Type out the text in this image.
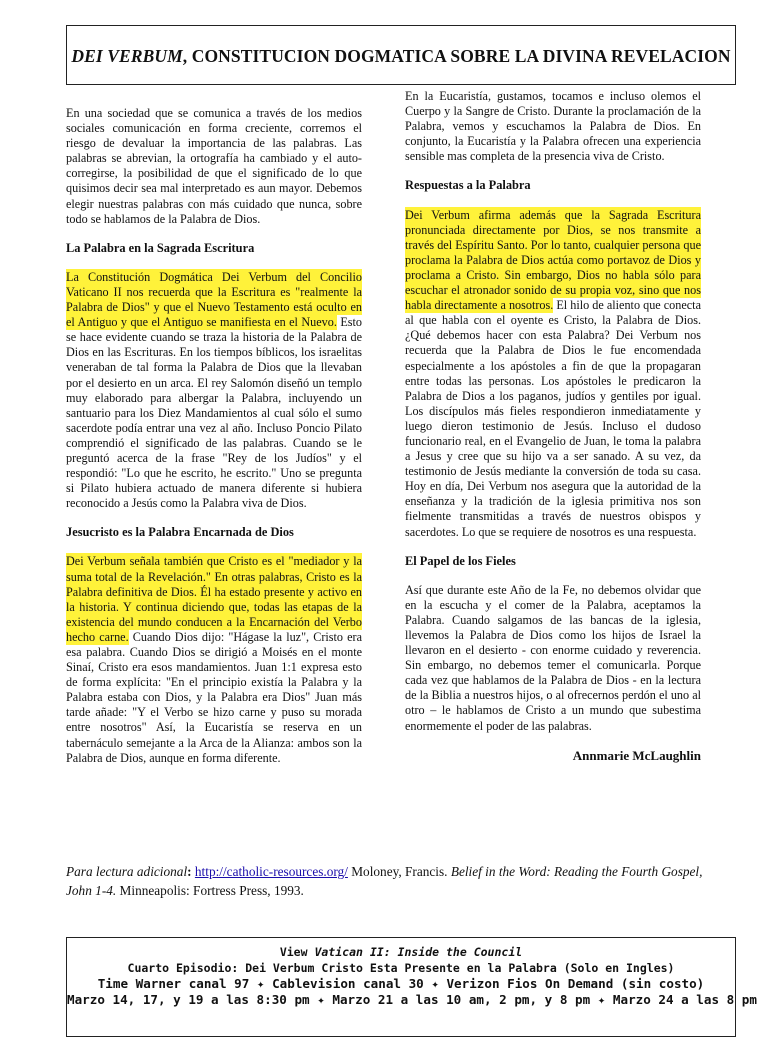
DEI VERBUM, CONSTITUCION DOGMATICA SOBRE LA DIVINA REVELACION

En una sociedad que se comunica a través de los medios sociales comunicación en forma creciente, corremos el riesgo de devaluar la importancia de las palabras. Las palabras se abrevian, la ortografía ha cambiado y el auto-corregirse, la posibilidad de que el significado de lo que quisimos decir sea mal interpretado es aun mayor. Debemos elegir nuestras palabras con más cuidado que nunca, sobre todo se hablamos de la Palabra de Dios.

La Palabra en la Sagrada Escritura

La Constitución Dogmática Dei Verbum del Concilio Vaticano II nos recuerda que la Escritura es "realmente la Palabra de Dios" y que el Nuevo Testamento está oculto en el Antiguo y que el Antiguo se manifiesta en el Nuevo. Esto se hace evidente cuando se traza la historia de la Palabra de Dios en las Escrituras. En los tiempos bíblicos, los israelitas veneraban de tal forma la Palabra de Dios que la llevaban por el desierto en un arca. El rey Salomón diseñó un templo muy elaborado para albergar la Palabra, incluyendo un santuario para los Diez Mandamientos al cual sólo el sumo sacerdote podía entrar una vez al año. Incluso Poncio Pilato comprendió el significado de las palabras. Cuando se le preguntó acerca de la frase "Rey de los Judíos" y el respondió: "Lo que he escrito, he escrito." Uno se pregunta si Pilato hubiera actuado de manera diferente si hubiera reconocido a Jesús como la Palabra viva de Dios.

Jesucristo es la Palabra Encarnada de Dios

Dei Verbum señala también que Cristo es el "mediador y la suma total de la Revelación." En otras palabras, Cristo es la Palabra definitiva de Dios. Él ha estado presente y activo en la historia. Y continua diciendo que, todas las etapas de la existencia del mundo conducen a la Encarnación del Verbo hecho carne. Cuando Dios dijo: "Hágase la luz", Cristo era esa palabra. Cuando Dios se dirigió a Moisés en el monte Sinaí, Cristo era esos mandamientos. Juan 1:1 expresa esto de forma explícita: "En el principio existía la Palabra y la Palabra estaba con Dios, y la Palabra era Dios" Juan más tarde añade: "Y el Verbo se hizo carne y puso su morada entre nosotros" Así, la Eucaristía se reserva en un tabernáculo semejante a la Arca de la Alianza: ambos son la Palabra de Dios, aunque en forma diferente.

En la Eucaristía, gustamos, tocamos e incluso olemos el Cuerpo y la Sangre de Cristo. Durante la proclamación de la Palabra, vemos y escuchamos la Palabra de Dios. En conjunto, la Eucaristía y la Palabra ofrecen una experiencia sensible mas completa de la presencia viva de Cristo.

Respuestas a la Palabra

Dei Verbum afirma además que la Sagrada Escritura pronunciada directamente por Dios, se nos transmite a través del Espíritu Santo. Por lo tanto, cualquier persona que proclama la Palabra de Dios actúa como portavoz de Dios y proclama a Cristo. Sin embargo, Dios no habla sólo para escuchar el atronador sonido de su propia voz, sino que nos habla directamente a nosotros. El hilo de aliento que conecta al que habla con el oyente es Cristo, la Palabra de Dios. ¿Qué debemos hacer con esta Palabra? Dei Verbum nos recuerda que la Palabra de Dios le fue encomendada especialmente a los apóstoles a fin de que la propagaran entre todas las personas. Los apóstoles le predicaron la Palabra de Dios a los paganos, judíos y gentiles por igual. Los discípulos más fieles respondieron inmediatamente y luego dieron testimonio de Jesús. Incluso el dudoso funcionario real, en el Evangelio de Juan, le toma la palabra a Jesus y cree que su hijo va a ser sanado. A su vez, da testimonio de Jesús mediante la conversión de toda su casa. Hoy en día, Dei Verbum nos asegura que la autoridad de la enseñanza y la tradición de la iglesia primitiva nos son fielmente transmitidas a través de nuestros obispos y sacerdotes. Lo que se requiere de nosotros es una respuesta.

El Papel de los Fieles

Así que durante este Año de la Fe, no debemos olvidar que en la escucha y el comer de la Palabra, aceptamos la Palabra. Cuando salgamos de las bancas de la iglesia, llevemos la Palabra de Dios como los hijos de Israel la llevaron en el desierto - con enorme cuidado y reverencia. Sin embargo, no debemos temer el comunicarla. Porque cada vez que hablamos de la Palabra de Dios - en la lectura de la Biblia a nuestros hijos, o al ofrecernos perdón el uno al otro – le hablamos de Cristo a un mundo que subestima enormemente el poder de las palabras.

Annmarie McLaughlin
Para lectura adicional: http://catholic-resources.org/ Moloney, Francis. Belief in the Word: Reading the Fourth Gospel, John 1-4. Minneapolis: Fortress Press, 1993.
View Vatican II: Inside the Council
Cuarto Episodio: Dei Verbum Cristo Esta Presente en la Palabra (Solo en Ingles)
Time Warner canal 97 ✦ Cablevision canal 30 ✦ Verizon Fios On Demand (sin costo)
Marzo 14, 17, y 19 a las 8:30 pm ✦ Marzo 21 a las 10 am, 2 pm, y 8 pm ✦ Marzo 24 a las 8 pm
